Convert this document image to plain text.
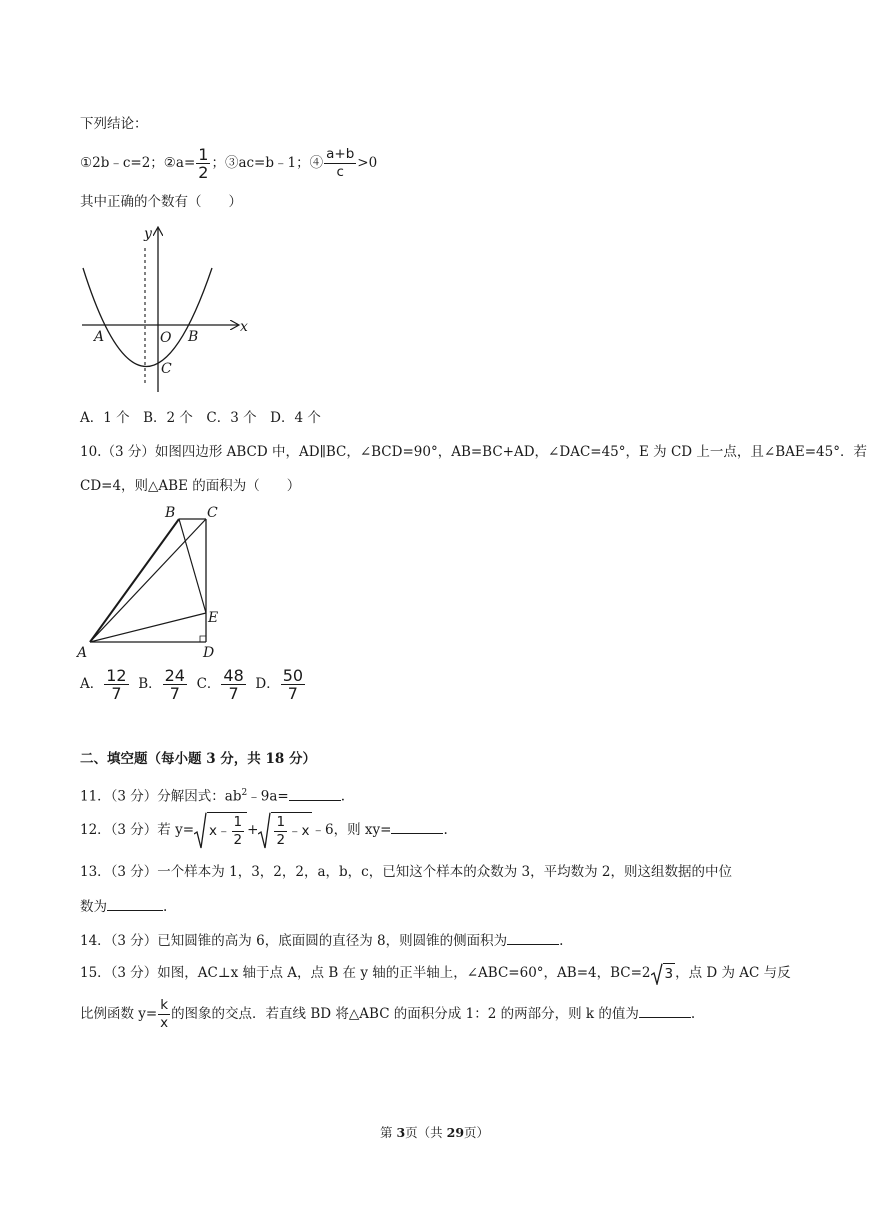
下列结论：
①2b﹣c=2；②a= $\frac{1}{2}$ ；③ac=b﹣1；④ $\frac{a+b}{c} >0$
其中正确的个数有（　　）
y
x
O
A	B
C
A．1 个　B．2 个　C．3 个　D．4 个
10.（3 分）如图四边形 ABCD 中，AD∥BC，∠BCD=90°，AB=BC+AD，∠DAC=45°，E 为 CD 上一点，且∠BAE=45°．若
CD=4，则△ABE 的面积为（　　）
B C
E
A	D
A． $\frac{12}{7}$ B． $\frac{24}{7}$ C． $\frac{48}{7}$ D． $\frac{50}{7}$
二、填空题（每小题 3 分，共 18 分）
11．（3 分）分解因式：$ab^2﹣9a=$	.
12．（3 分）若 y= x﹣ $\frac{1}{2} + \frac{1}{2}$ ﹣x ﹣6，则 xy=	.
13．（3 分）一个样本为 1，3，2，2，a，b，c，已知这个样本的众数为 3，平均数为 2，则这组数据的中位
数为	.
14．（3 分）已知圆锥的高为 6，底面圆的直径为 8，则圆锥的侧面积为	.
15．（3 分）如图，AC⊥x 轴于点 A，点 B 在 y 轴的正半轴上，∠ABC=60°，AB=4，BC=2 3 ，点 D 为 AC 与反
比例函数 $y= \frac{k}{x}$ 的图象的交点．若直线 BD 将△ABC 的面积分成 1：2 的两部分，则 k 的值为	.
第 3页（共 29页）
